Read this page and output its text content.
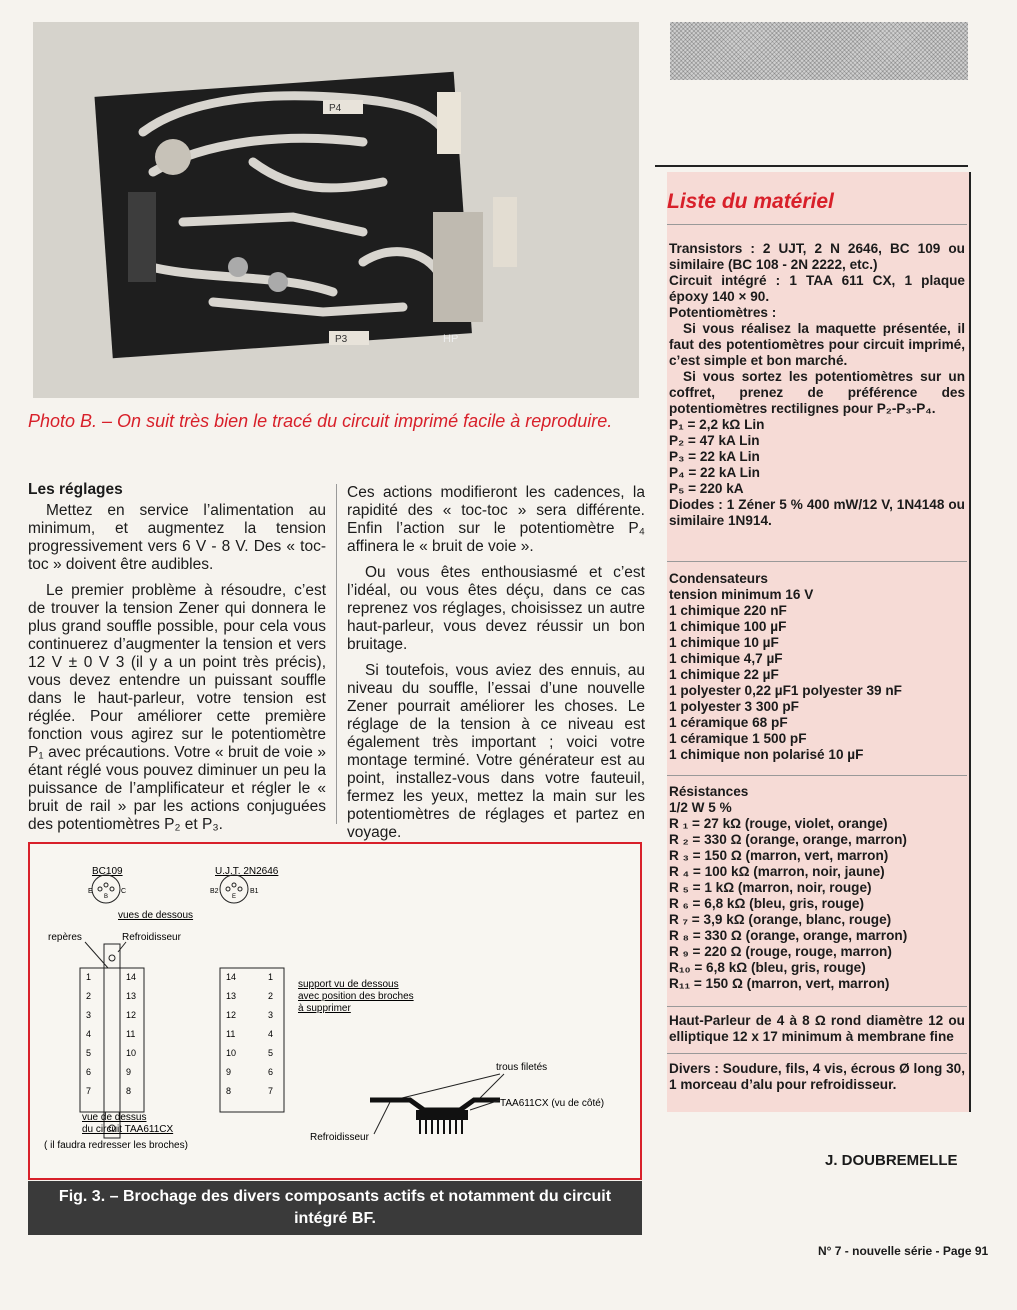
P4
P3	HP

Photo B. – On suit très bien le tracé du circuit imprimé facile à reproduire.

Les réglages

Mettez en service l’alimentation au minimum, et augmentez la tension progressivement vers 6 V - 8 V. Des « toc-toc » doivent être audibles.

Le premier problème à résoudre, c’est de trouver la tension Zener qui donnera le plus grand souffle possible, pour cela vous continuerez d’augmenter la tension et vers 12 V ± 0 V 3 (il y a un point très précis), vous devez entendre un puissant souffle dans le haut-parleur, votre tension est réglée. Pour améliorer cette première fonction vous agirez sur le potentiomètre P₁ avec précautions. Votre « bruit de voie » étant réglé vous pouvez diminuer un peu la puissance de l’amplificateur et régler le « bruit de rail » par les actions conjuguées des potentiomètres P₂ et P₃.

Ces actions modifieront les cadences, la rapidité des « toc-toc » sera différente. Enfin l’action sur le potentiomètre P₄ affinera le « bruit de voie ».

Ou vous êtes enthousiasmé et c’est l’idéal, ou vous êtes déçu, dans ce cas reprenez vos réglages, choisissez un autre haut-parleur, vous devez réussir un bon bruitage.

Si toutefois, vous aviez des ennuis, au niveau du souffle, l’essai d’une nouvelle Zener pourrait améliorer les choses. Le réglage de la tension à ce niveau est également très important ; voici votre montage terminé. Votre générateur est au point, installez-vous dans votre fauteuil, fermez les yeux, mettez la main sur les potentiomètres de réglages et partez en voyage.

Liste du matériel

Transistors : 2 UJT, 2 N 2646, BC 109 ou similaire (BC 108 - 2N 2222, etc.)

Circuit intégré : 1 TAA 611 CX, 1 plaque époxy 140 × 90.

Potentiomètres :

Si vous réalisez la maquette présentée, il faut des potentiomètres pour circuit imprimé, c’est simple et bon marché.

Si vous sortez les potentiomètres sur un coffret, prenez de préférence des potentiomètres rectilignes pour P₂-P₃-P₄.

P₁ = 2,2 kΩ Lin

P₂ = 47 kA Lin

P₃ = 22 kA Lin

P₄ = 22 kA Lin

P₅ = 220 kA

Diodes : 1 Zéner 5 % 400 mW/12 V, 1N4148 ou similaire 1N914.

Condensateurs

tension minimum 16 V

1 chimique 220 nF

1 chimique 100 µF

1 chimique 10 µF

1 chimique 4,7 µF

1 chimique 22 µF

1 polyester 0,22 µF1 polyester 39 nF

1 polyester 3 300 pF

1 céramique 68 pF

1 céramique 1 500 pF

1 chimique non polarisé 10 µF

Résistances

1/2 W 5 %

R ₁ = 27 kΩ (rouge, violet, orange)

R ₂ = 330 Ω (orange, orange, marron)

R ₃ = 150 Ω (marron, vert, marron)

R ₄ = 100 kΩ (marron, noir, jaune)

R ₅ = 1 kΩ (marron, noir, rouge)

R ₆ = 6,8 kΩ (bleu, gris, rouge)

R ₇ = 3,9 kΩ (orange, blanc, rouge)

R ₈ = 330 Ω (orange, orange, marron)

R ₉ = 220 Ω (rouge, rouge, marron)

R₁₀ = 6,8 kΩ (bleu, gris, rouge)

R₁₁ = 150 Ω (marron, vert, marron)

Haut-Parleur de 4 à 8 Ω rond diamètre 12 ou elliptique 12 x 17 minimum à membrane fine

Divers : Soudure, fils, 4 vis, écrous Ø long 30, 1 morceau d’alu pour refroidisseur.

J. DOUBREMELLE

BC109
E	C
B
U.J.T. 2N2646
B2	B1
E
vues de dessous
repères	Refroidisseur
1
2
3
4
5
6
7
14
13
12
11
10
9
8
vue de dessus
du circuit TAA611CX
( il faudra redresser les broches)
14
13
12
11
10
9
8
1
2
3
4
5
6
7
support vu de dessous
avec position des broches
à supprimer
trous filetés
TAA611CX (vu de côté)
Refroidisseur

Fig. 3. – Brochage des divers composants actifs et notamment du circuit intégré BF.

N° 7 - nouvelle série - Page 91
